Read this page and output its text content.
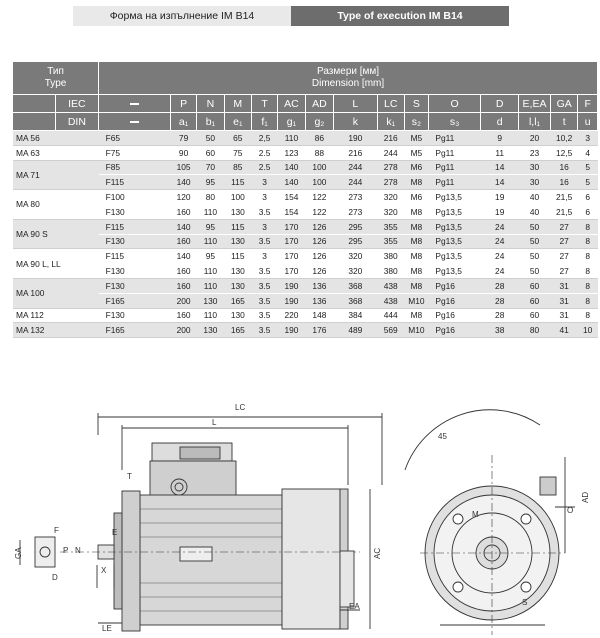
Форма на изпълнение IM B14	Type of execution IM B14
Тип
Type		Размери [мм]
Dimension [mm]														
	IEC		P	N	M	T	AC	AD	L	LC	S	O	D	E,EA	GA	F
	DIN		a₁	b₁	e₁	f₁	g₁	g₂	k	k₁	s₂	s₃	d	l,l₁	t	u
MA 56		F65	79	50	65	2,5	110	86	190	216	M5	Pg11	9	20	10,2	3
MA 63		F75	90	60	75	2.5	123	88	216	244	M5	Pg11	11	23	12,5	4
MA 71		F85	105	70	85	2.5	140	100	244	278	M6	Pg11	14	30	16	5
		F115	140	95	115	3	140	100	244	278	M8	Pg11	14	30	16	5
MA 80		F100	120	80	100	3	154	122	273	320	M6	Pg13,5	19	40	21,5	6
		F130	160	110	130	3.5	154	122	273	320	M8	Pg13,5	19	40	21,5	6
MA 90 S		F115	140	95	115	3	170	126	295	355	M8	Pg13,5	24	50	27	8
		F130	160	110	130	3.5	170	126	295	355	M8	Pg13,5	24	50	27	8
MA 90 L, LL		F115	140	95	115	3	170	126	320	380	M8	Pg13,5	24	50	27	8
		F130	160	110	130	3.5	170	126	320	380	M8	Pg13,5	24	50	27	8
MA 100		F130	160	110	130	3.5	190	136	368	438	M8	Pg16	28	60	31	8
		F165	200	130	165	3.5	190	136	368	438	M10	Pg16	28	60	31	8
MA 112		F130	160	110	130	3.5	220	148	384	444	M8	Pg16	28	60	31	8
MA 132		F165	200	130	165	3.5	190	176	489	569	M10	Pg16	38	80	41	10
LC
L
T
F
GA
D
E
X
P N
LE
EA
AC
45
AD
O
M
S
